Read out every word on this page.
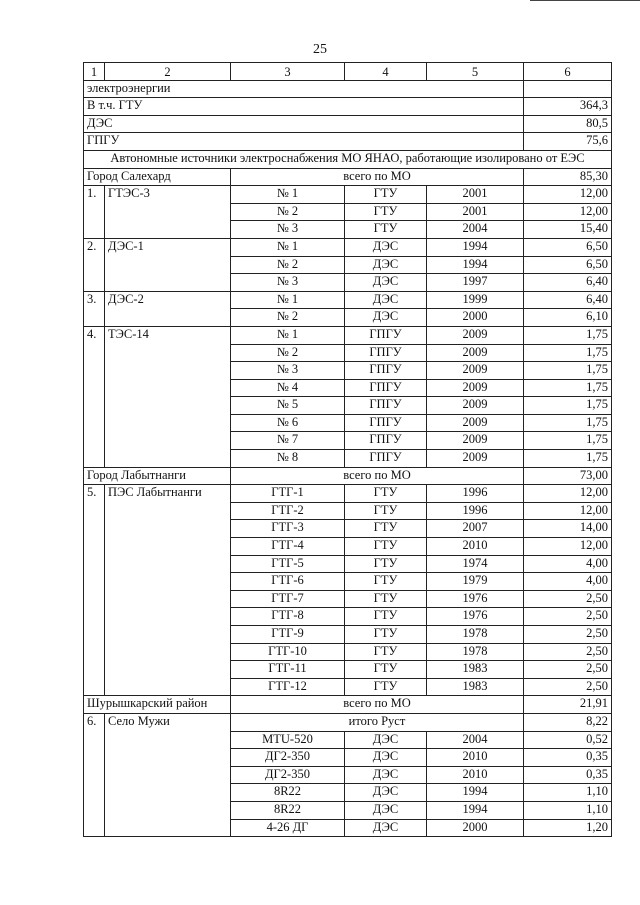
25
1	2	3	4	5	6
электроэнергии					
В т.ч. ГТУ					364,3
ДЭС					80,5
ГПГУ					75,6
Автономные источники электроснабжения МО ЯНАО, работающие изолировано от ЕЭС					
Город Салехард		всего по МО			85,30
1.	ГТЭС-3	№ 1	ГТУ	2001	12,00
		№ 2	ГТУ	2001	12,00
		№ 3	ГТУ	2004	15,40
2.	ДЭС-1	№ 1	ДЭС	1994	6,50
		№ 2	ДЭС	1994	6,50
		№ 3	ДЭС	1997	6,40
3.	ДЭС-2	№ 1	ДЭС	1999	6,40
		№ 2	ДЭС	2000	6,10
4.	ТЭС-14	№ 1	ГПГУ	2009	1,75
		№ 2	ГПГУ	2009	1,75
		№ 3	ГПГУ	2009	1,75
		№ 4	ГПГУ	2009	1,75
		№ 5	ГПГУ	2009	1,75
		№ 6	ГПГУ	2009	1,75
		№ 7	ГПГУ	2009	1,75
		№ 8	ГПГУ	2009	1,75
Город Лабытнанги		всего по МО			73,00
5.	ПЭС Лабытнанги	ГТГ-1	ГТУ	1996	12,00
		ГТГ-2	ГТУ	1996	12,00
		ГТГ-3	ГТУ	2007	14,00
		ГТГ-4	ГТУ	2010	12,00
		ГТГ-5	ГТУ	1974	4,00
		ГТГ-6	ГТУ	1979	4,00
		ГТГ-7	ГТУ	1976	2,50
		ГТГ-8	ГТУ	1976	2,50
		ГТГ-9	ГТУ	1978	2,50
		ГТГ-10	ГТУ	1978	2,50
		ГТГ-11	ГТУ	1983	2,50
		ГТГ-12	ГТУ	1983	2,50
Шурышкарский район		всего по МО			21,91
6.	Село Мужи	итого Руст			8,22
		MTU-520	ДЭС	2004	0,52
		ДГ2-350	ДЭС	2010	0,35
		ДГ2-350	ДЭС	2010	0,35
		8R22	ДЭС	1994	1,10
		8R22	ДЭС	1994	1,10
		4-26 ДГ	ДЭС	2000	1,20
